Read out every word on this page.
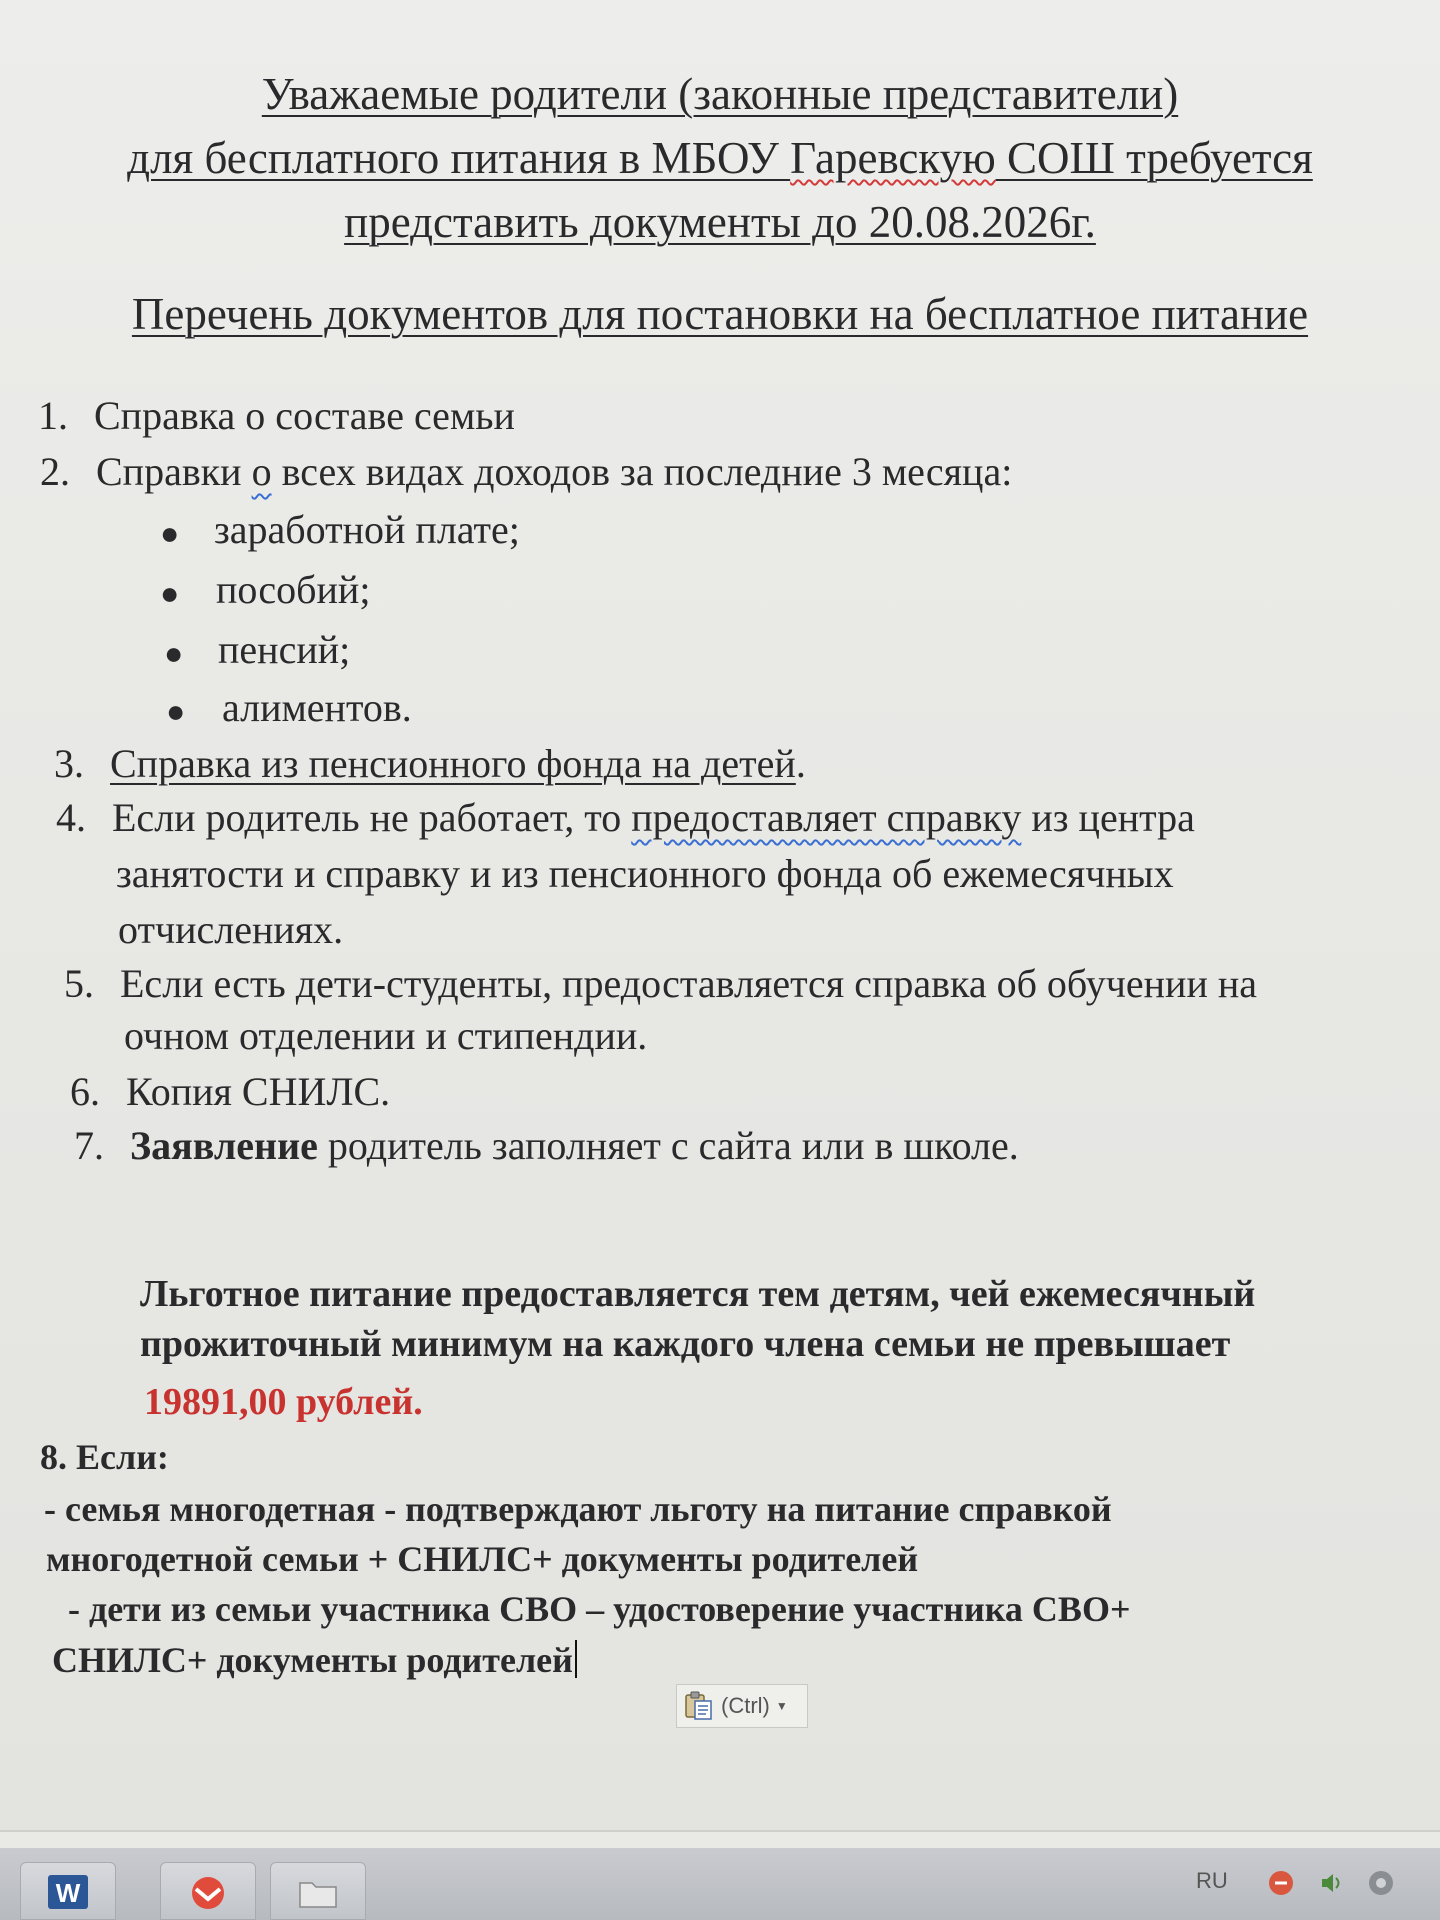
Уважаемые родители (законные представители)
для бесплатного питания в МБОУ Гаревскую СОШ требуется
представить документы до 20.08.2026г.
Перечень документов для постановки на бесплатное питание
1. Справка о составе семьи
2. Справки о всех видах доходов за последние 3 месяца:
● заработной плате;
● пособий;
● пенсий;
● алиментов.
3. Справка из пенсионного фонда на детей.
4. Если родитель не работает, то предоставляет справку из центра
занятости и справку и из пенсионного фонда об ежемесячных
отчислениях.
5. Если есть дети-студенты, предоставляется справка об обучении на
очном отделении и стипендии.
6. Копия СНИЛС.
7. Заявление родитель заполняет с сайта или в школе.
Льготное питание предоставляется тем детям, чей ежемесячный
прожиточный минимум на каждого члена семьи не превышает
19891,00 рублей.
8. Если:
- семья многодетная - подтверждают льготу на питание справкой
многодетной семьи + СНИЛС+ документы родителей
- дети из семьи участника СВО – удостоверение участника СВО+
СНИЛС+ документы родителей
(Ctrl) ▼
W	RU
